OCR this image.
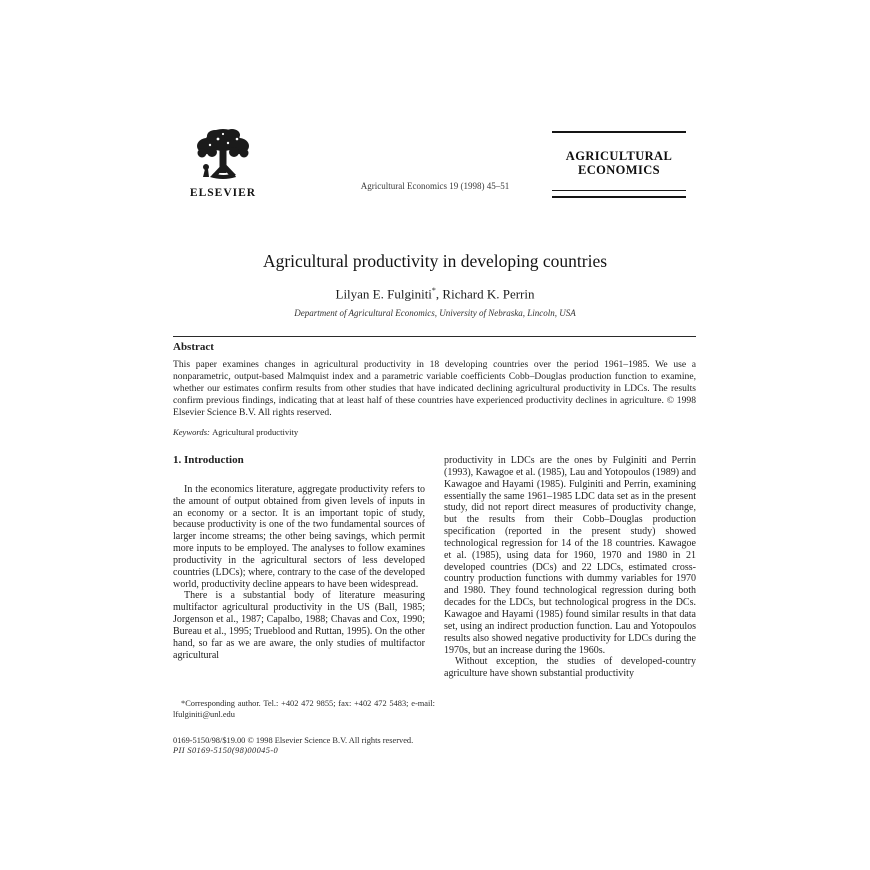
ELSEVIER
Agricultural Economics 19 (1998) 45–51
AGRICULTURAL
ECONOMICS
Agricultural productivity in developing countries
Lilyan E. Fulginiti*, Richard K. Perrin
Department of Agricultural Economics, University of Nebraska, Lincoln, USA
Abstract
This paper examines changes in agricultural productivity in 18 developing countries over the period 1961–1985. We use a nonparametric, output-based Malmquist index and a parametric variable coefficients Cobb–Douglas production function to examine, whether our estimates confirm results from other studies that have indicated declining agricultural productivity in LDCs. The results confirm previous findings, indicating that at least half of these countries have experienced productivity declines in agriculture. © 1998 Elsevier Science B.V. All rights reserved.
Keywords: Agricultural productivity
1. Introduction

In the economics literature, aggregate productivity refers to the amount of output obtained from given levels of inputs in an economy or a sector. It is an important topic of study, because productivity is one of the two fundamental sources of larger income streams; the other being savings, which permit more inputs to be employed. The analyses to follow examines productivity in the agricultural sectors of less developed countries (LDCs); where, contrary to the case of the developed world, productivity decline appears to have been widespread.

There is a substantial body of literature measuring multifactor agricultural productivity in the US (Ball, 1985; Jorgenson et al., 1987; Capalbo, 1988; Chavas and Cox, 1990; Bureau et al., 1995; Trueblood and Ruttan, 1995). On the other hand, so far as we are aware, the only studies of multifactor agricultural

productivity in LDCs are the ones by Fulginiti and Perrin (1993), Kawagoe et al. (1985), Lau and Yotopoulos (1989) and Kawagoe and Hayami (1985). Fulginiti and Perrin, examining essentially the same 1961–1985 LDC data set as in the present study, did not report direct measures of productivity change, but the results from their Cobb–Douglas production specification (reported in the present study) showed technological regression for 14 of the 18 countries. Kawagoe et al. (1985), using data for 1960, 1970 and 1980 in 21 developed countries (DCs) and 22 LDCs, estimated cross-country production functions with dummy variables for 1970 and 1980. They found technological regression during both decades for the LDCs, but technological progress in the DCs. Kawagoe and Hayami (1985) found similar results in that data set, using an indirect production function. Lau and Yotopoulos results also showed negative productivity for LDCs during the 1970s, but an increase during the 1960s.

Without exception, the studies of developed-country agriculture have shown substantial productivity

*Corresponding author. Tel.: +402 472 9855; fax: +402 472 5483; e-mail: lfulginiti@unl.edu
0169-5150/98/$19.00 © 1998 Elsevier Science B.V. All rights reserved.
PII S0169-5150(98)00045-0
